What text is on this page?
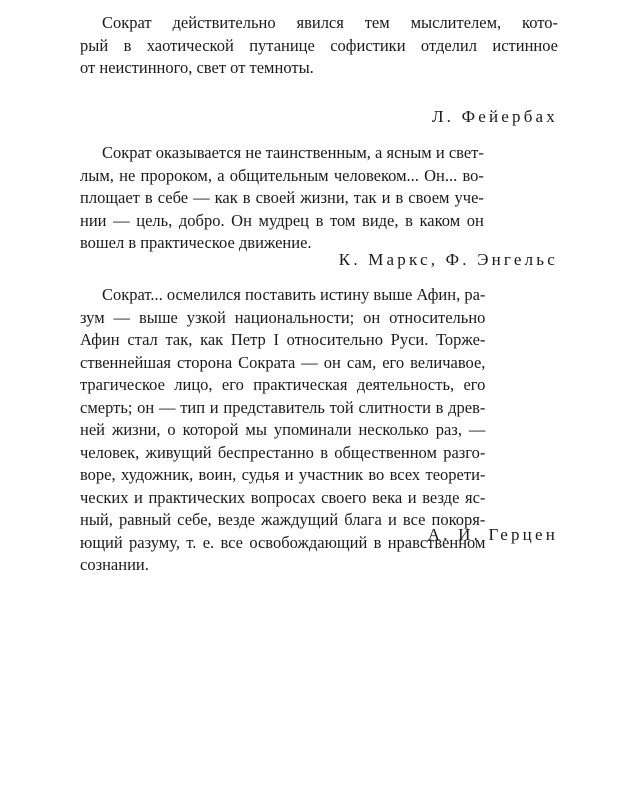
Сократ действительно явился тем мыслителем, кото-
рый в хаотической путанице софистики отделил истинное
от неистинного, свет от темноты.

Л. Фейербах

Сократ оказывается не таинственным, а ясным и свет-
лым, не пророком, а общительным человеком... Он... во-
площает в себе — как в своей жизни, так и в своем уче-
нии — цель, добро. Он мудрец в том виде, в каком он
вошел в практическое движение.

К. Маркс, Ф. Энгельс

Сократ... осмелился поставить истину выше Афин, ра-
зум — выше узкой национальности; он относительно
Афин стал так, как Петр I относительно Руси. Торже-
ственнейшая сторона Сократа — он сам, его величавое,
трагическое лицо, его практическая деятельность, его
смерть; он — тип и представитель той слитности в древ-
ней жизни, о которой мы упоминали несколько раз, —
человек, живущий беспрестанно в общественном разго-
воре, художник, воин, судья и участник во всех теорети-
ческих и практических вопросах своего века и везде яс-
ный, равный себе, везде жаждущий блага и все покоря-
ющий разуму, т. е. все освобождающий в нравственном
сознании.

А. И. Герцен
